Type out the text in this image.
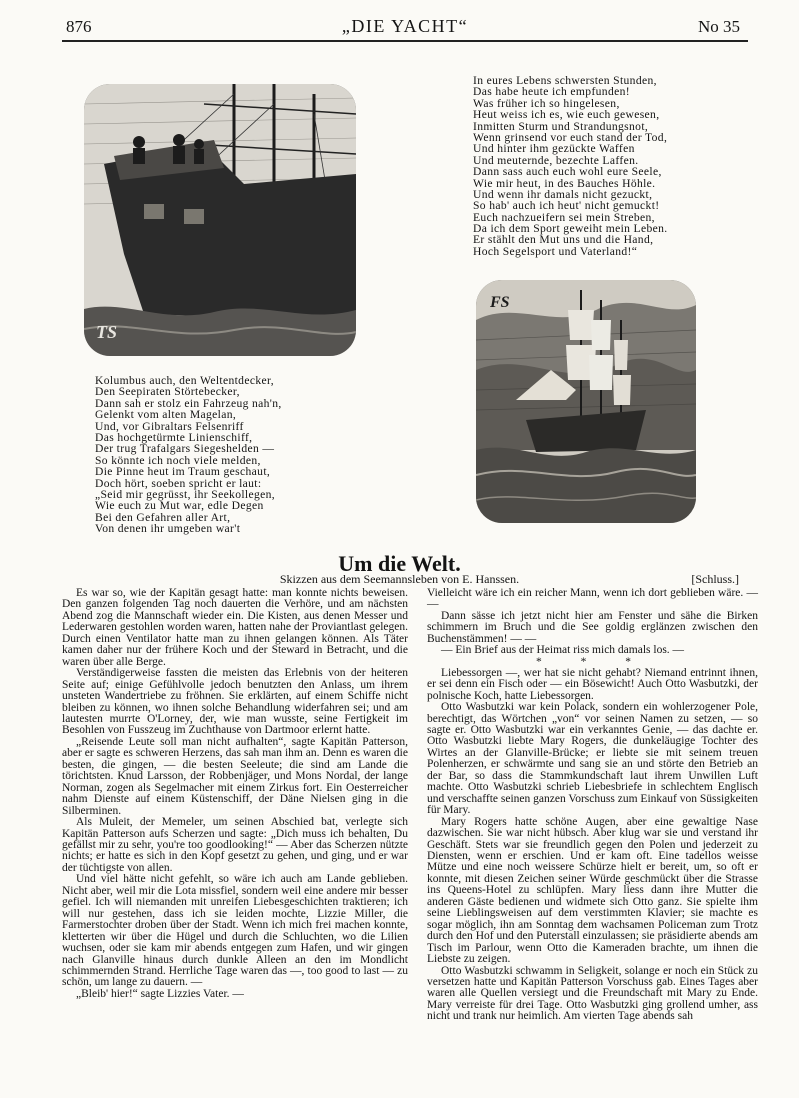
876	„DIE YACHT“	No 35
TS
In eures Lebens schwersten Stunden,
Das habe heute ich empfunden!
Was früher ich so hingelesen,
Heut weiss ich es, wie euch gewesen,
Inmitten Sturm und Strandungsnot,
Wenn grinsend vor euch stand der Tod,
Und hinter ihm gezückte Waffen
Und meuternde, bezechte Laffen.
Dann sass auch euch wohl eure Seele,
Wie mir heut, in des Bauches Höhle.
Und wenn ihr damals nicht gezuckt,
So hab' auch ich heut' nicht gemuckt!
Euch nachzueifern sei mein Streben,
Da ich dem Sport geweiht mein Leben.
Er stählt den Mut uns und die Hand,
Hoch Segelsport und Vaterland!“
FS
Kolumbus auch, den Weltentdecker,
Den Seepiraten Störtebecker,
Dann sah er stolz ein Fahrzeug nah'n,
Gelenkt vom alten Magelan,
Und, vor Gibraltars Felsenriff
Das hochgetürmte Linienschiff,
Der trug Trafalgars Siegeshelden —
So könnte ich noch viele melden,
Die Pinne heut im Traum geschaut,
Doch hört, soeben spricht er laut:
„Seid mir gegrüsst, ihr Seekollegen,
Wie euch zu Mut war, edle Degen
Bei den Gefahren aller Art,
Von denen ihr umgeben war't
Um die Welt.
Skizzen aus dem Seemannsleben von E. Hanssen.	[Schluss.]

Es war so, wie der Kapitän gesagt hatte: man konnte nichts beweisen. Den ganzen folgenden Tag noch dauerten die Verhöre, und am nächsten Abend zog die Mannschaft wieder ein. Die Kisten, aus denen Messer und Lederwaren gestohlen worden waren, hatten nahe der Proviantlast gelegen. Durch einen Ventilator hatte man zu ihnen gelangen können. Als Täter kamen daher nur der frühere Koch und der Steward in Betracht, und die waren über alle Berge.

Verständigerweise fassten die meisten das Erlebnis von der heiteren Seite auf; einige Gefühlvolle jedoch benutzten den Anlass, um ihrem unsteten Wandertriebe zu fröhnen. Sie erklärten, auf einem Schiffe nicht bleiben zu können, wo ihnen solche Behandlung widerfahren sei; und am lautesten murrte O'Lorney, der, wie man wusste, seine Fertigkeit im Besohlen von Fusszeug im Zuchthause von Dartmoor erlernt hatte.

„Reisende Leute soll man nicht aufhalten“, sagte Kapitän Patterson, aber er sagte es schweren Herzens, das sah man ihm an. Denn es waren die besten, die gingen, — die besten Seeleute; die sind am Lande die törichtsten. Knud Larsson, der Robbenjäger, und Mons Nordal, der lange Norman, zogen als Segelmacher mit einem Zirkus fort. Ein Oesterreicher nahm Dienste auf einem Küstenschiff, der Däne Nielsen ging in die Silberminen.

Als Muleit, der Memeler, um seinen Abschied bat, verlegte sich Kapitän Patterson aufs Scherzen und sagte: „Dich muss ich behalten, Du gefällst mir zu sehr, you're too goodlooking!“ — Aber das Scherzen nützte nichts; er hatte es sich in den Kopf gesetzt zu gehen, und ging, und er war der tüchtigste von allen.

Und viel hätte nicht gefehlt, so wäre ich auch am Lande geblieben. Nicht aber, weil mir die Lota missfiel, sondern weil eine andere mir besser gefiel. Ich will niemanden mit unreifen Liebesgeschichten traktieren; ich will nur gestehen, dass ich sie leiden mochte, Lizzie Miller, die Farmerstochter droben über der Stadt. Wenn ich mich frei machen konnte, kletterten wir über die Hügel und durch die Schluchten, wo die Lilien wuchsen, oder sie kam mir abends entgegen zum Hafen, und wir gingen nach Glanville hinaus durch dunkle Alleen an den im Mondlicht schimmernden Strand. Herrliche Tage waren das —, too good to last — zu schön, um lange zu dauern. —

„Bleib' hier!“ sagte Lizzies Vater. —

Vielleicht wäre ich ein reicher Mann, wenn ich dort geblieben wäre. — —

Dann sässe ich jetzt nicht hier am Fenster und sähe die Birken schimmern im Bruch und die See goldig erglänzen zwischen den Buchenstämmen! — —

— Ein Brief aus der Heimat riss mich damals los. —

* * *

Liebessorgen —, wer hat sie nicht gehabt? Niemand entrinnt ihnen, er sei denn ein Fisch oder — ein Bösewicht! Auch Otto Wasbutzki, der polnische Koch, hatte Liebessorgen.

Otto Wasbutzki war kein Polack, sondern ein wohlerzogener Pole, berechtigt, das Wörtchen „von“ vor seinen Namen zu setzen, — so sagte er. Otto Wasbutzki war ein verkanntes Genie, — das dachte er. Otto Wasbutzki liebte Mary Rogers, die dunkeläugige Tochter des Wirtes an der Glanville-Brücke; er liebte sie mit seinem treuen Polenherzen, er schwärmte und sang sie an und störte den Betrieb an der Bar, so dass die Stammkundschaft laut ihrem Unwillen Luft machte. Otto Wasbutzki schrieb Liebesbriefe in schlechtem Englisch und verschaffte seinen ganzen Vorschuss zum Einkauf von Süssigkeiten für Mary.

Mary Rogers hatte schöne Augen, aber eine gewaltige Nase dazwischen. Sie war nicht hübsch. Aber klug war sie und verstand ihr Geschäft. Stets war sie freundlich gegen den Polen und jederzeit zu Diensten, wenn er erschien. Und er kam oft. Eine tadellos weisse Mütze und eine noch weissere Schürze hielt er bereit, um, so oft er konnte, mit diesen Zeichen seiner Würde geschmückt über die Strasse ins Queens-Hotel zu schlüpfen. Mary liess dann ihre Mutter die anderen Gäste bedienen und widmete sich Otto ganz. Sie spielte ihm seine Lieblingsweisen auf dem verstimmten Klavier; sie machte es sogar möglich, ihn am Sonntag dem wachsamen Policeman zum Trotz durch den Hof und den Puterstall einzulassen; sie präsidierte abends am Tisch im Parlour, wenn Otto die Kameraden brachte, um ihnen die Liebste zu zeigen.

Otto Wasbutzki schwamm in Seligkeit, solange er noch ein Stück zu versetzen hatte und Kapitän Patterson Vorschuss gab. Eines Tages aber waren alle Quellen versiegt und die Freundschaft mit Mary zu Ende. Mary verreiste für drei Tage. Otto Wasbutzki ging grollend umher, ass nicht und trank nur heimlich. Am vierten Tage abends sah
